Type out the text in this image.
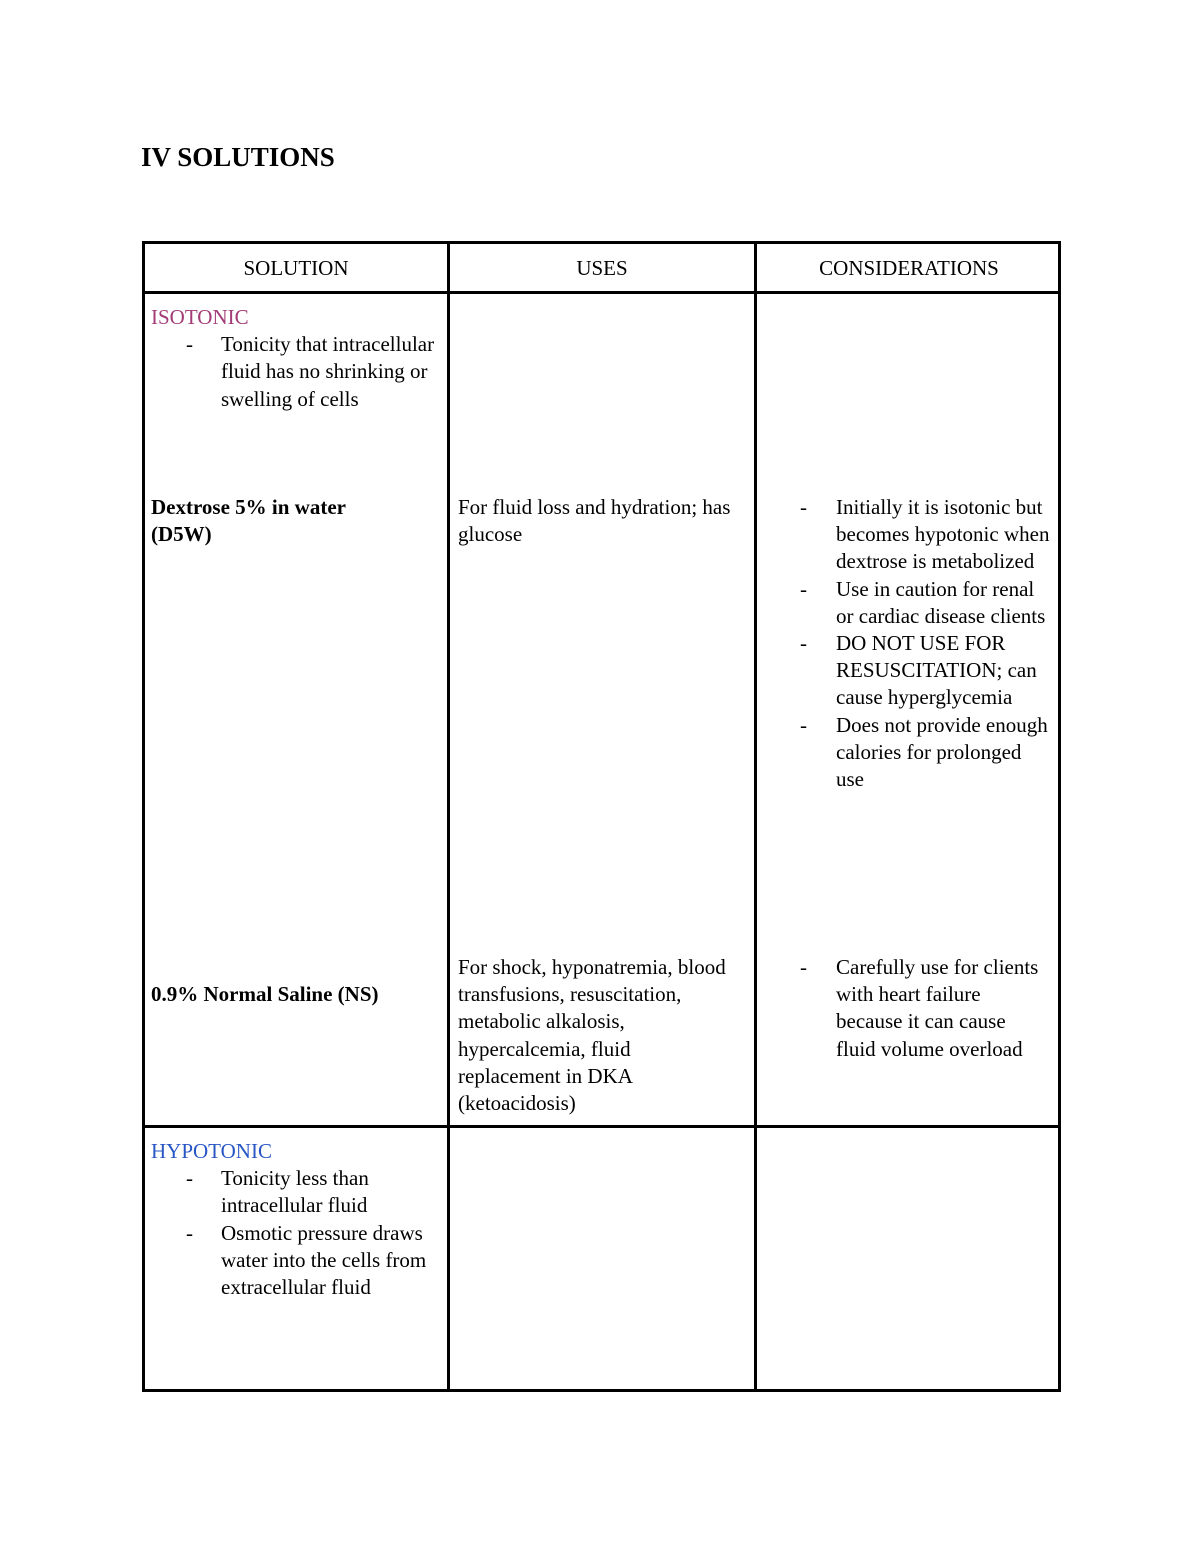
IV SOLUTIONS
SOLUTION	USES	CONSIDERATIONS
ISOTONIC
- Tonicity that intracellular fluid has no shrinking or swelling of cells
Dextrose 5% in water (D5W)
For fluid loss and hydration; has glucose
- Initially it is isotonic but becomes hypotonic when dextrose is metabolized
- Use in caution for renal or cardiac disease clients
- DO NOT USE FOR RESUSCITATION; can cause hyperglycemia
- Does not provide enough calories for prolonged use
0.9% Normal Saline (NS)
For shock, hyponatremia, blood transfusions, resuscitation, metabolic alkalosis, hypercalcemia, fluid replacement in DKA (ketoacidosis)
- Carefully use for clients with heart failure because it can cause fluid volume overload
HYPOTONIC
- Tonicity less than intracellular fluid
- Osmotic pressure draws water into the cells from extracellular fluid
